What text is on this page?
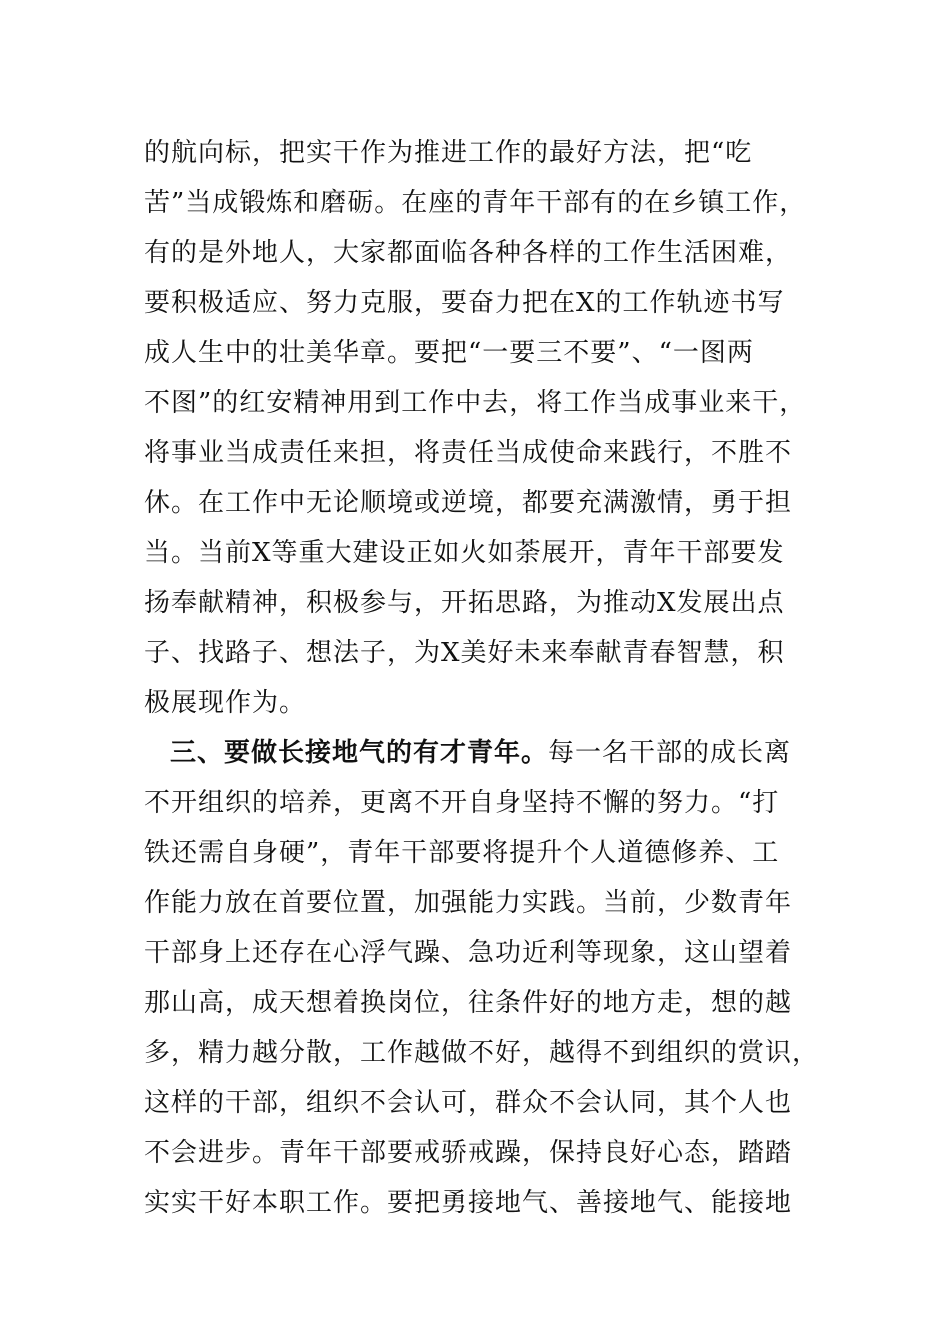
的航向标，把实干作为推进工作的最好方法，把“吃
苦”当成锻炼和磨砺。在座的青年干部有的在乡镇工作，
有的是外地人，大家都面临各种各样的工作生活困难，
要积极适应、努力克服，要奋力把在X的工作轨迹书写
成人生中的壮美华章。要把“一要三不要”、“一图两
不图”的红安精神用到工作中去，将工作当成事业来干，
将事业当成责任来担，将责任当成使命来践行，不胜不
休。在工作中无论顺境或逆境，都要充满激情，勇于担
当。当前X等重大建设正如火如荼展开，青年干部要发
扬奉献精神，积极参与，开拓思路，为推动X发展出点
子、找路子、想法子，为X美好未来奉献青春智慧，积
极展现作为。
三、要做长接地气的有才青年。每一名干部的成长离
不开组织的培养，更离不开自身坚持不懈的努力。“打
铁还需自身硬”，青年干部要将提升个人道德修养、工
作能力放在首要位置，加强能力实践。当前，少数青年
干部身上还存在心浮气躁、急功近利等现象，这山望着
那山高，成天想着换岗位，往条件好的地方走，想的越
多，精力越分散，工作越做不好，越得不到组织的赏识，
这样的干部，组织不会认可，群众不会认同，其个人也
不会进步。青年干部要戒骄戒躁，保持良好心态，踏踏
实实干好本职工作。要把勇接地气、善接地气、能接地
